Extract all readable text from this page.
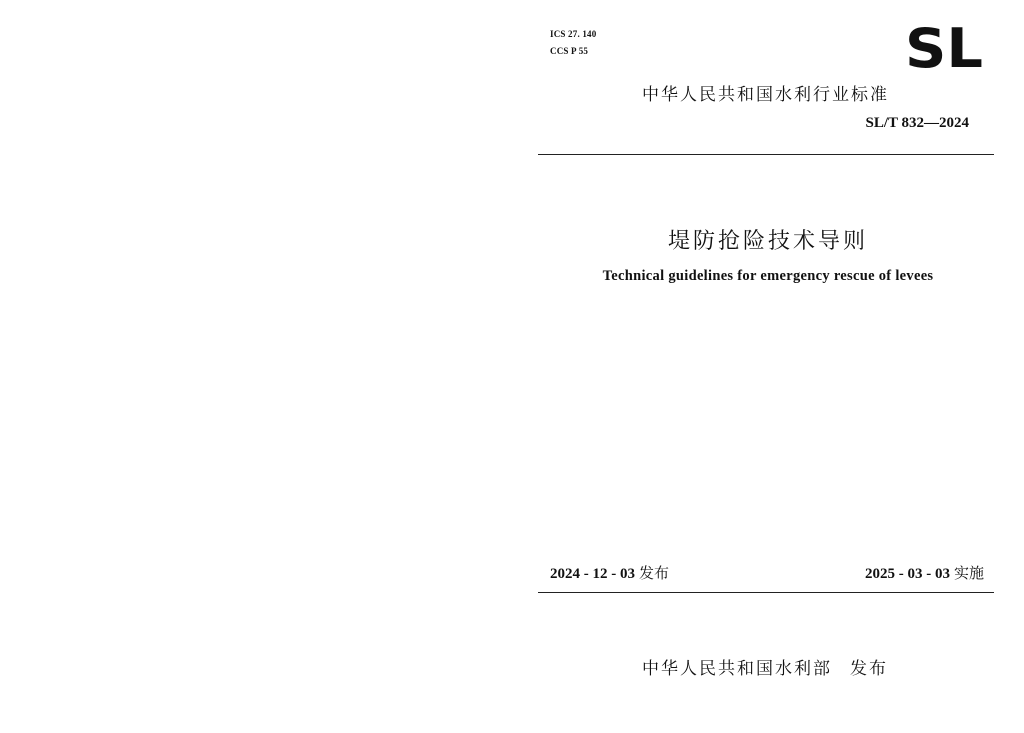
ICS 27. 140
CCS P 55	SL
中华人民共和国水利行业标准
SL/T 832—2024
堤防抢险技术导则
Technical guidelines for emergency rescue of levees
2024 - 12 - 03 发布	2025 - 03 - 03 实施
中华人民共和国水利部 发布
